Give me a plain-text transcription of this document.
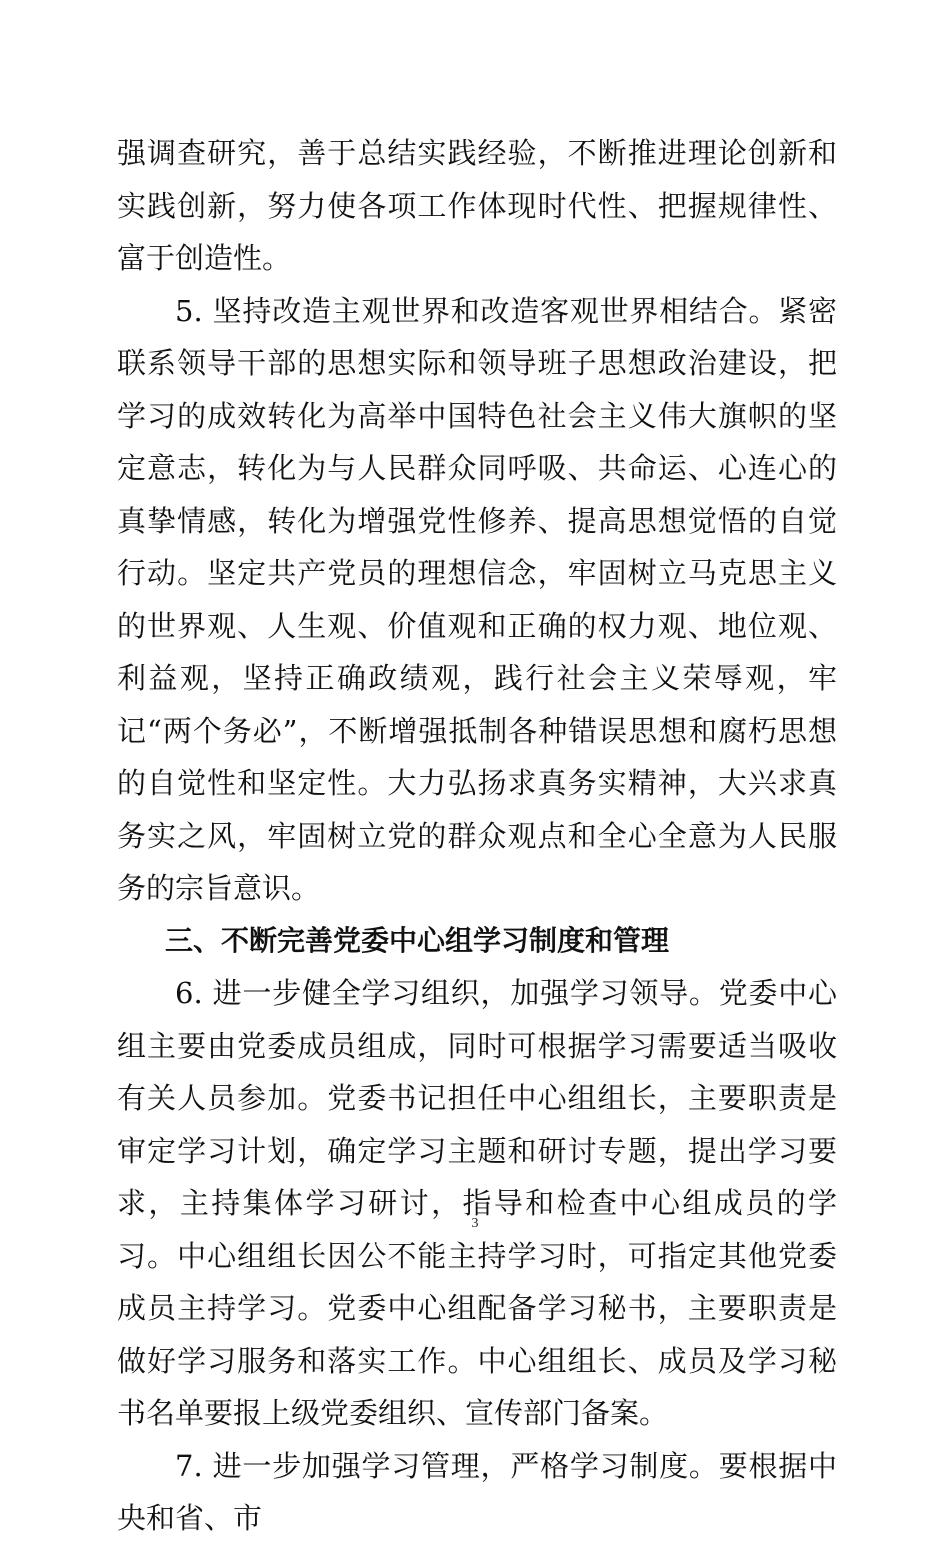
强调查研究，善于总结实践经验，不断推进理论创新和实践创新，努力使各项工作体现时代性、把握规律性、富于创造性。

5. 坚持改造主观世界和改造客观世界相结合。紧密联系领导干部的思想实际和领导班子思想政治建设，把学习的成效转化为高举中国特色社会主义伟大旗帜的坚定意志，转化为与人民群众同呼吸、共命运、心连心的真挚情感，转化为增强党性修养、提高思想觉悟的自觉行动。坚定共产党员的理想信念，牢固树立马克思主义的世界观、人生观、价值观和正确的权力观、地位观、利益观，坚持正确政绩观，践行社会主义荣辱观，牢记“两个务必”，不断增强抵制各种错误思想和腐朽思想的自觉性和坚定性。大力弘扬求真务实精神，大兴求真务实之风，牢固树立党的群众观点和全心全意为人民服务的宗旨意识。

三、不断完善党委中心组学习制度和管理

6. 进一步健全学习组织，加强学习领导。党委中心组主要由党委成员组成，同时可根据学习需要适当吸收有关人员参加。党委书记担任中心组组长，主要职责是审定学习计划，确定学习主题和研讨专题，提出学习要求，主持集体学习研讨，指导和检查中心组成员的学习。中心组组长因公不能主持学习时，可指定其他党委成员主持学习。党委中心组配备学习秘书，主要职责是做好学习服务和落实工作。中心组组长、成员及学习秘书名单要报上级党委组织、宣传部门备案。

7. 进一步加强学习管理，严格学习制度。要根据中央和省、市

3
